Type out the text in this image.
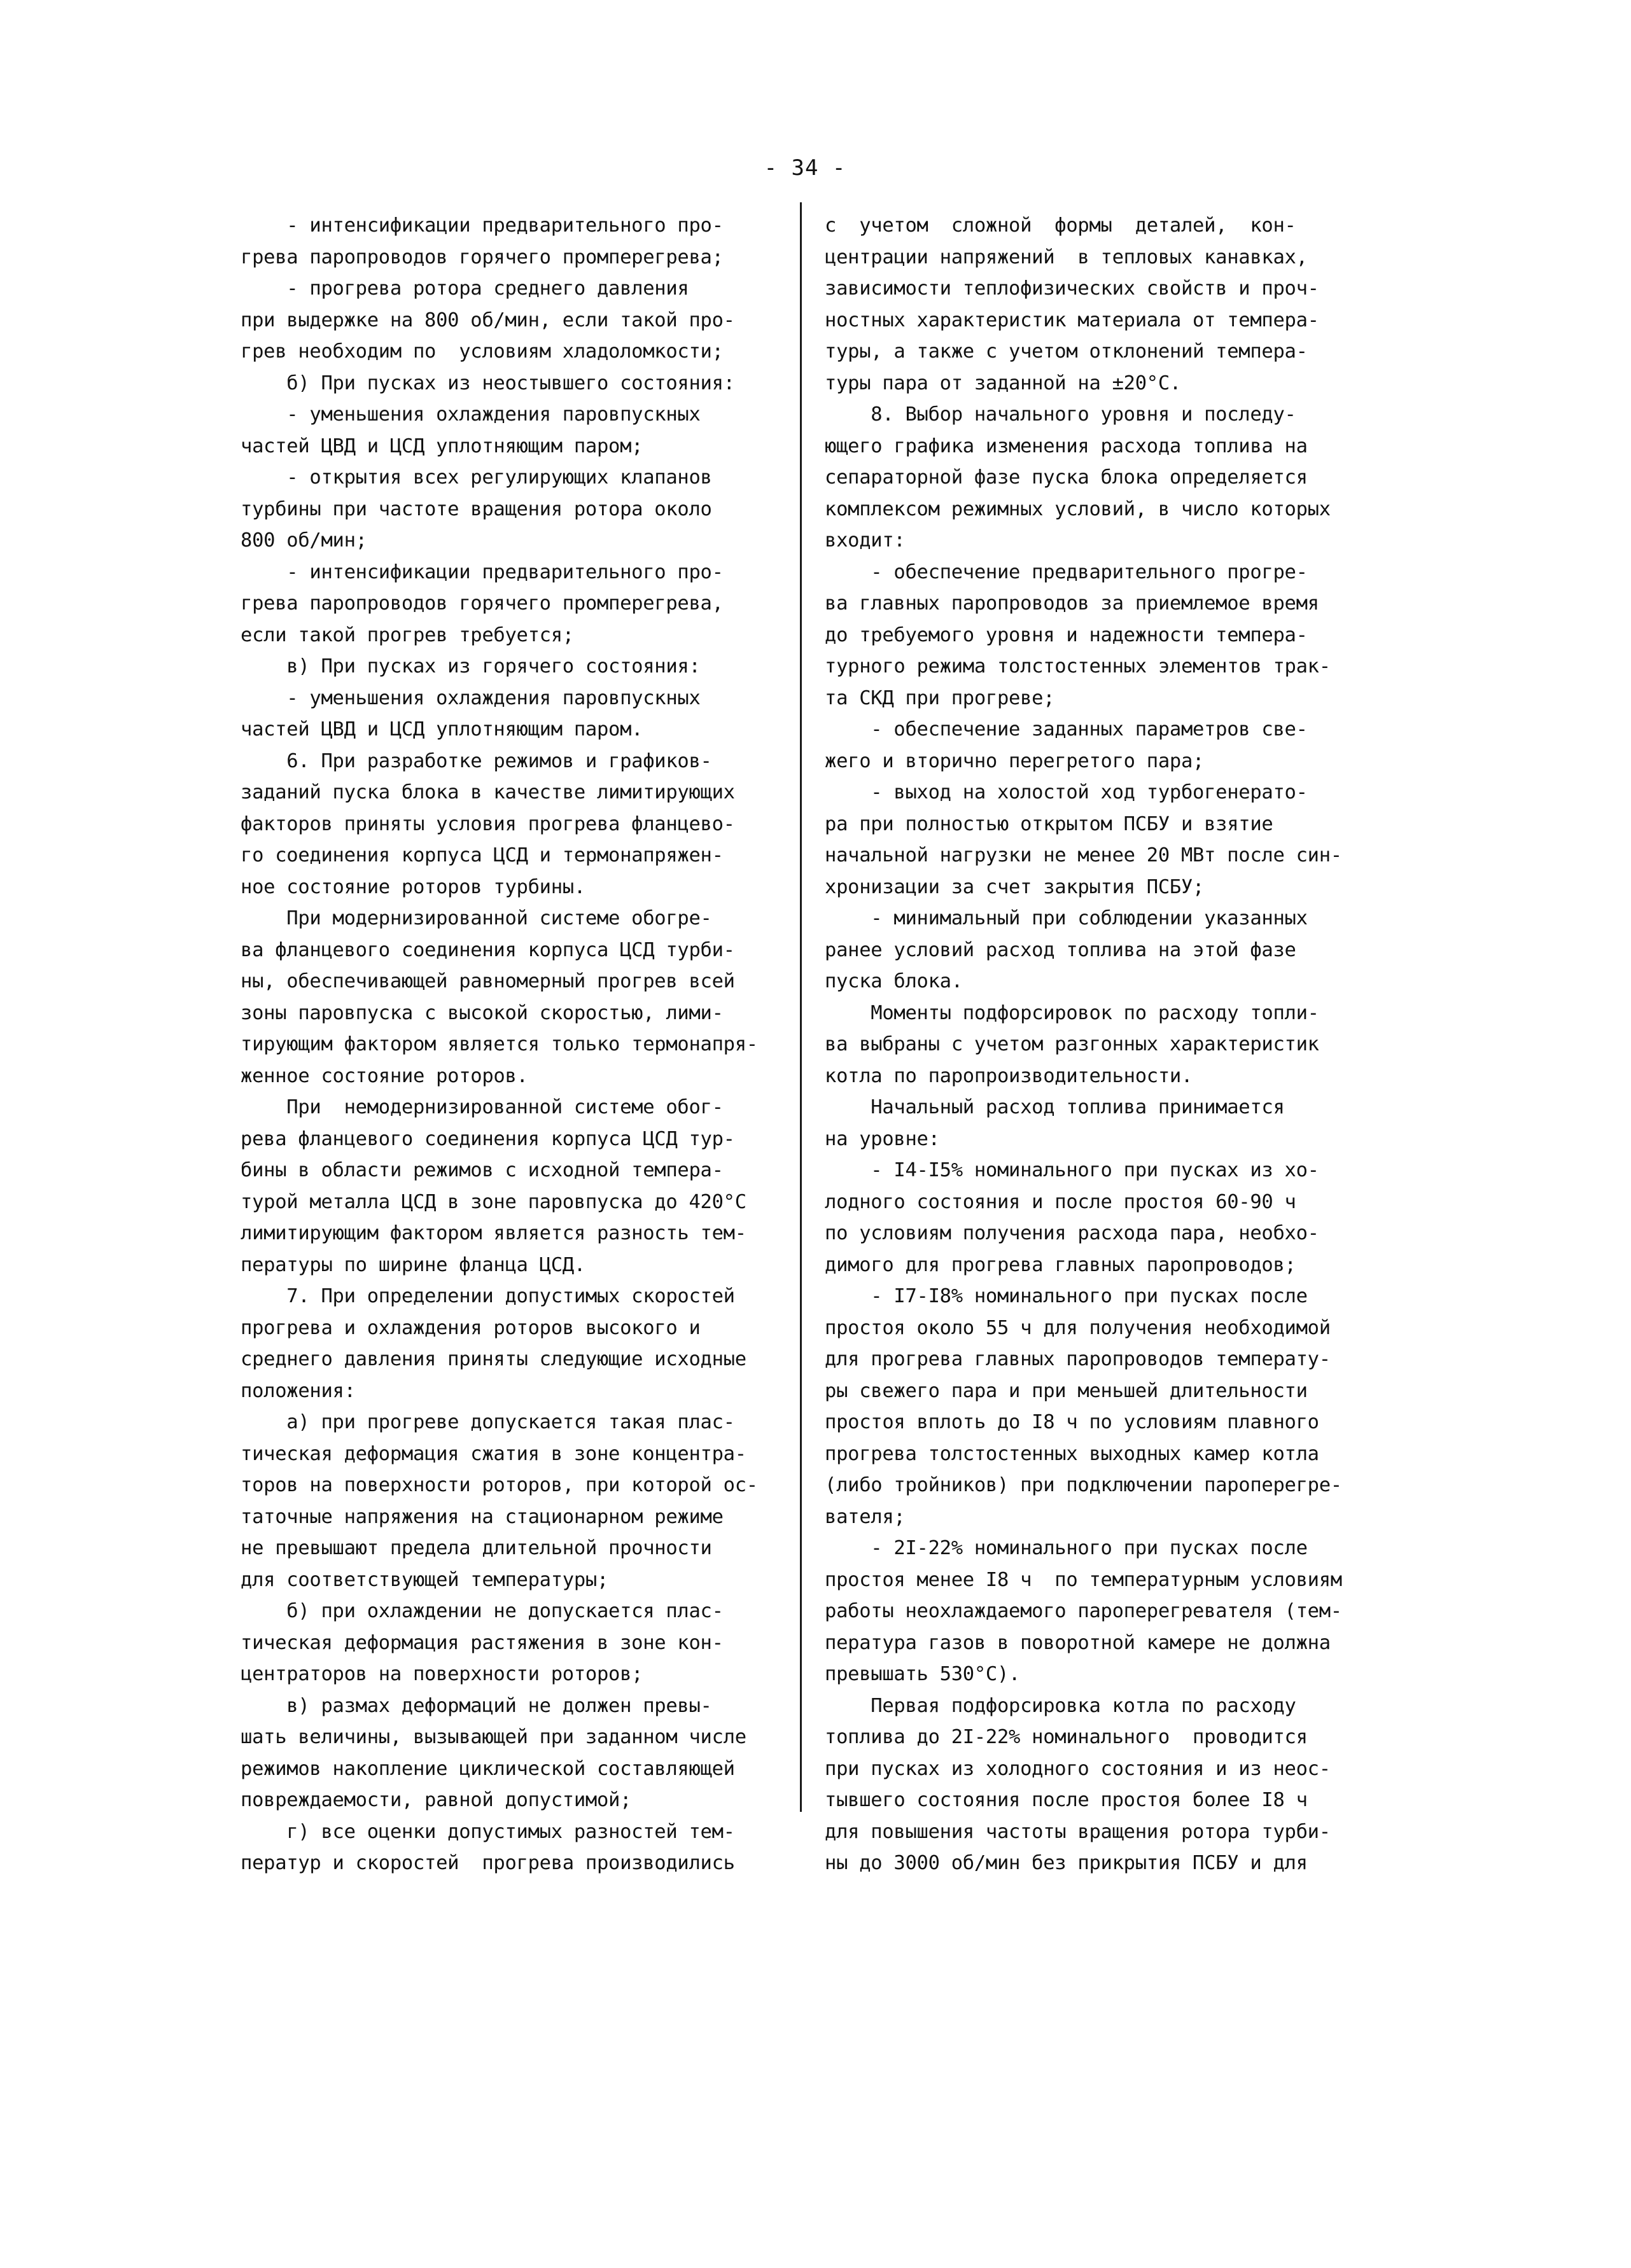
- 34 -
- интенсификации предварительного про-
грева паропроводов горячего промперегрева;
- прогрева ротора среднего давления
при выдержке на 800 об/мин, если такой про-
грев необходим по  условиям хладоломкости;
б) При пусках из неостывшего состояния:
- уменьшения охлаждения паровпускных
частей ЦВД и ЦСД уплотняющим паром;
- открытия всех регулирующих клапанов
турбины при частоте вращения ротора около
800 об/мин;
- интенсификации предварительного про-
грева паропроводов горячего промперегрева,
если такой прогрев требуется;
в) При пусках из горячего состояния:
- уменьшения охлаждения паровпускных
частей ЦВД и ЦСД уплотняющим паром.
6. При разработке режимов и графиков-
заданий пуска блока в качестве лимитирующих
факторов приняты условия прогрева фланцево-
го соединения корпуса ЦСД и термонапряжен-
ное состояние роторов турбины.
При модернизированной системе обогре-
ва фланцевого соединения корпуса ЦСД турби-
ны, обеспечивающей равномерный прогрев всей
зоны паровпуска с высокой скоростью, лими-
тирующим фактором является только термонапря-
женное состояние роторов.
При  немодернизированной системе обог-
рева фланцевого соединения корпуса ЦСД тур-
бины в области режимов с исходной темпера-
турой металла ЦСД в зоне паровпуска до 420°С
лимитирующим фактором является разность тем-
пературы по ширине фланца ЦСД.
7. При определении допустимых скоростей
прогрева и охлаждения роторов высокого и
среднего давления приняты следующие исходные
положения:
а) при прогреве допускается такая плас-
тическая деформация сжатия в зоне концентра-
торов на поверхности роторов, при которой ос-
таточные напряжения на стационарном режиме
не превышают предела длительной прочности
для соответствующей температуры;
б) при охлаждении не допускается плас-
тическая деформация растяжения в зоне кон-
центраторов на поверхности роторов;
в) размах деформаций не должен превы-
шать величины, вызывающей при заданном числе
режимов накопление циклической составляющей
повреждаемости, равной допустимой;
г) все оценки допустимых разностей тем-
ператур и скоростей  прогрева производились
с  учетом  сложной  формы  деталей,  кон-
центрации напряжений  в тепловых канавках,
зависимости теплофизических свойств и проч-
ностных характеристик материала от темпера-
туры, а также с учетом отклонений темпера-
туры пара от заданной на ±20°С.
8. Выбор начального уровня и последу-
ющего графика изменения расхода топлива на
сепараторной фазе пуска блока определяется
комплексом режимных условий, в число которых
входит:
- обеспечение предварительного прогре-
ва главных паропроводов за приемлемое время
до требуемого уровня и надежности темпера-
турного режима толстостенных элементов трак-
та СКД при прогреве;
- обеспечение заданных параметров све-
жего и вторично перегретого пара;
- выход на холостой ход турбогенерато-
ра при полностью открытом ПСБУ и взятие
начальной нагрузки не менее 20 МВт после син-
хронизации за счет закрытия ПСБУ;
- минимальный при соблюдении указанных
ранее условий расход топлива на этой фазе
пуска блока.
Моменты подфорсировок по расходу топли-
ва выбраны с учетом разгонных характеристик
котла по паропроизводительности.
Начальный расход топлива принимается
на уровне:
- I4-I5% номинального при пусках из хо-
лодного состояния и после простоя 60-90 ч
по условиям получения расхода пара, необхо-
димого для прогрева главных паропроводов;
- I7-I8% номинального при пусках после
простоя около 55 ч для получения необходимой
для прогрева главных паропроводов температу-
ры свежего пара и при меньшей длительности
простоя вплоть до I8 ч по условиям плавного
прогрева толстостенных выходных камер котла
(либо тройников) при подключении пароперегре-
вателя;
- 2I-22% номинального при пусках после
простоя менее I8 ч  по температурным условиям
работы неохлаждаемого пароперегревателя (тем-
пература газов в поворотной камере не должна
превышать 530°С).
Первая подфорсировка котла по расходу
топлива до 2I-22% номинального  проводится
при пусках из холодного состояния и из неос-
тывшего состояния после простоя более I8 ч
для повышения частоты вращения ротора турби-
ны до 3000 об/мин без прикрытия ПСБУ и для
